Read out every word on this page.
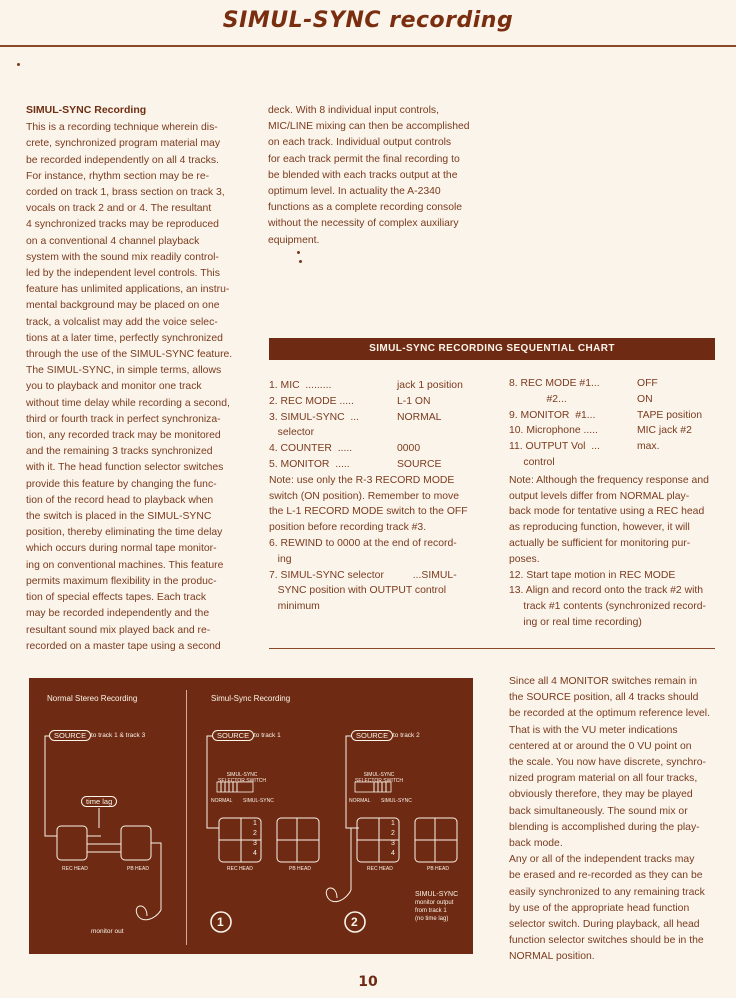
SIMUL-SYNC recording
SIMUL-SYNC Recording

This is a recording technique wherein dis-

crete, synchronized program material may

be recorded independently on all 4 tracks.

For instance, rhythm section may be re-

corded on track 1, brass section on track 3,

vocals on track 2 and or 4. The resultant

4 synchronized tracks may be reproduced

on a conventional 4 channel playback

system with the sound mix readily control-

led by the independent level controls. This

feature has unlimited applications, an instru-

mental background may be placed on one

track, a volcalist may add the voice selec-

tions at a later time, perfectly synchronized

through the use of the SIMUL-SYNC feature.

The SIMUL-SYNC, in simple terms, allows

you to playback and monitor one track

without time delay while recording a second,

third or fourth track in perfect synchroniza-

tion, any recorded track may be monitored

and the remaining 3 tracks synchronized

with it. The head function selector switches

provide this feature by changing the func-

tion of the record head to playback when

the switch is placed in the SIMUL-SYNC

position, thereby eliminating the time delay

which occurs during normal tape monitor-

ing on conventional machines. This feature

permits maximum flexibility in the produc-

tion of special effects tapes. Each track

may be recorded independently and the

resultant sound mix played back and re-

recorded on a master tape using a second

deck. With 8 individual input controls,

MIC/LINE mixing can then be accomplished

on each track. Individual output controls

for each track permit the final recording to

be blended with each tracks output at the

optimum level. In actuality the A-2340

functions as a complete recording console

without the necessity of complex auxiliary

equipment.

SIMUL-SYNC RECORDING SEQUENTIAL CHART
1. MIC  .........	jack 1 position
2. REC MODE .....	L-1 ON
3. SIMUL-SYNC  ...	NORMAL
selector
4. COUNTER  .....	0000
5. MONITOR  .....	SOURCE

Note: use only the R-3 RECORD MODE

switch (ON position). Remember to move

the L-1 RECORD MODE switch to the OFF

position before recording track #3.

6. REWIND to 0000 at the end of record-

ing

7. SIMUL-SYNC selector          ...SIMUL-

SYNC position with OUTPUT control

minimum

8. REC MODE #1...	OFF
#2...	ON
9. MONITOR  #1...	TAPE position
10. Microphone .....	MIC jack #2
11. OUTPUT Vol  ...	max.
control

Note: Although the frequency response and

output levels differ from NORMAL play-

back mode for tentative using a REC head

as reproducing function, however, it will

actually be sufficient for monitoring pur-

poses.

12. Start tape motion in REC MODE

13. Align and record onto the track #2 with

track #1 contents (synchronized record-

ing or real time recording)

Normal Stereo Recording	Simul-Sync Recording
SOURCE to track 1 & track 3
time lag
REC HEAD	PB HEAD
monitor out
SOURCE to track 1
SIMUL-SYNC SELECTOR SWITCH
NORMAL SIMUL-SYNC
REC HEAD	PB HEAD
SOURCE to track 2
SIMUL-SYNC SELECTOR SWITCH
NORMAL SIMUL-SYNC
REC HEAD	PB HEAD
SIMUL-SYNC
monitor output
from track 1
(no time lag)
1
2
3
4
1
2
3
4
1	2

Since all 4 MONITOR switches remain in

the SOURCE position, all 4 tracks should

be recorded at the optimum reference level.

That is with the VU meter indications

centered at or around the 0 VU point on

the scale. You now have discrete, synchro-

nized program material on all four tracks,

obviously therefore, they may be played

back simultaneously. The sound mix or

blending is accomplished during the play-

back mode.

Any or all of the independent tracks may

be erased and re-recorded as they can be

easily synchronized to any remaining track

by use of the appropriate head function

selector switch. During playback, all head

function selector switches should be in the

NORMAL position.

10
